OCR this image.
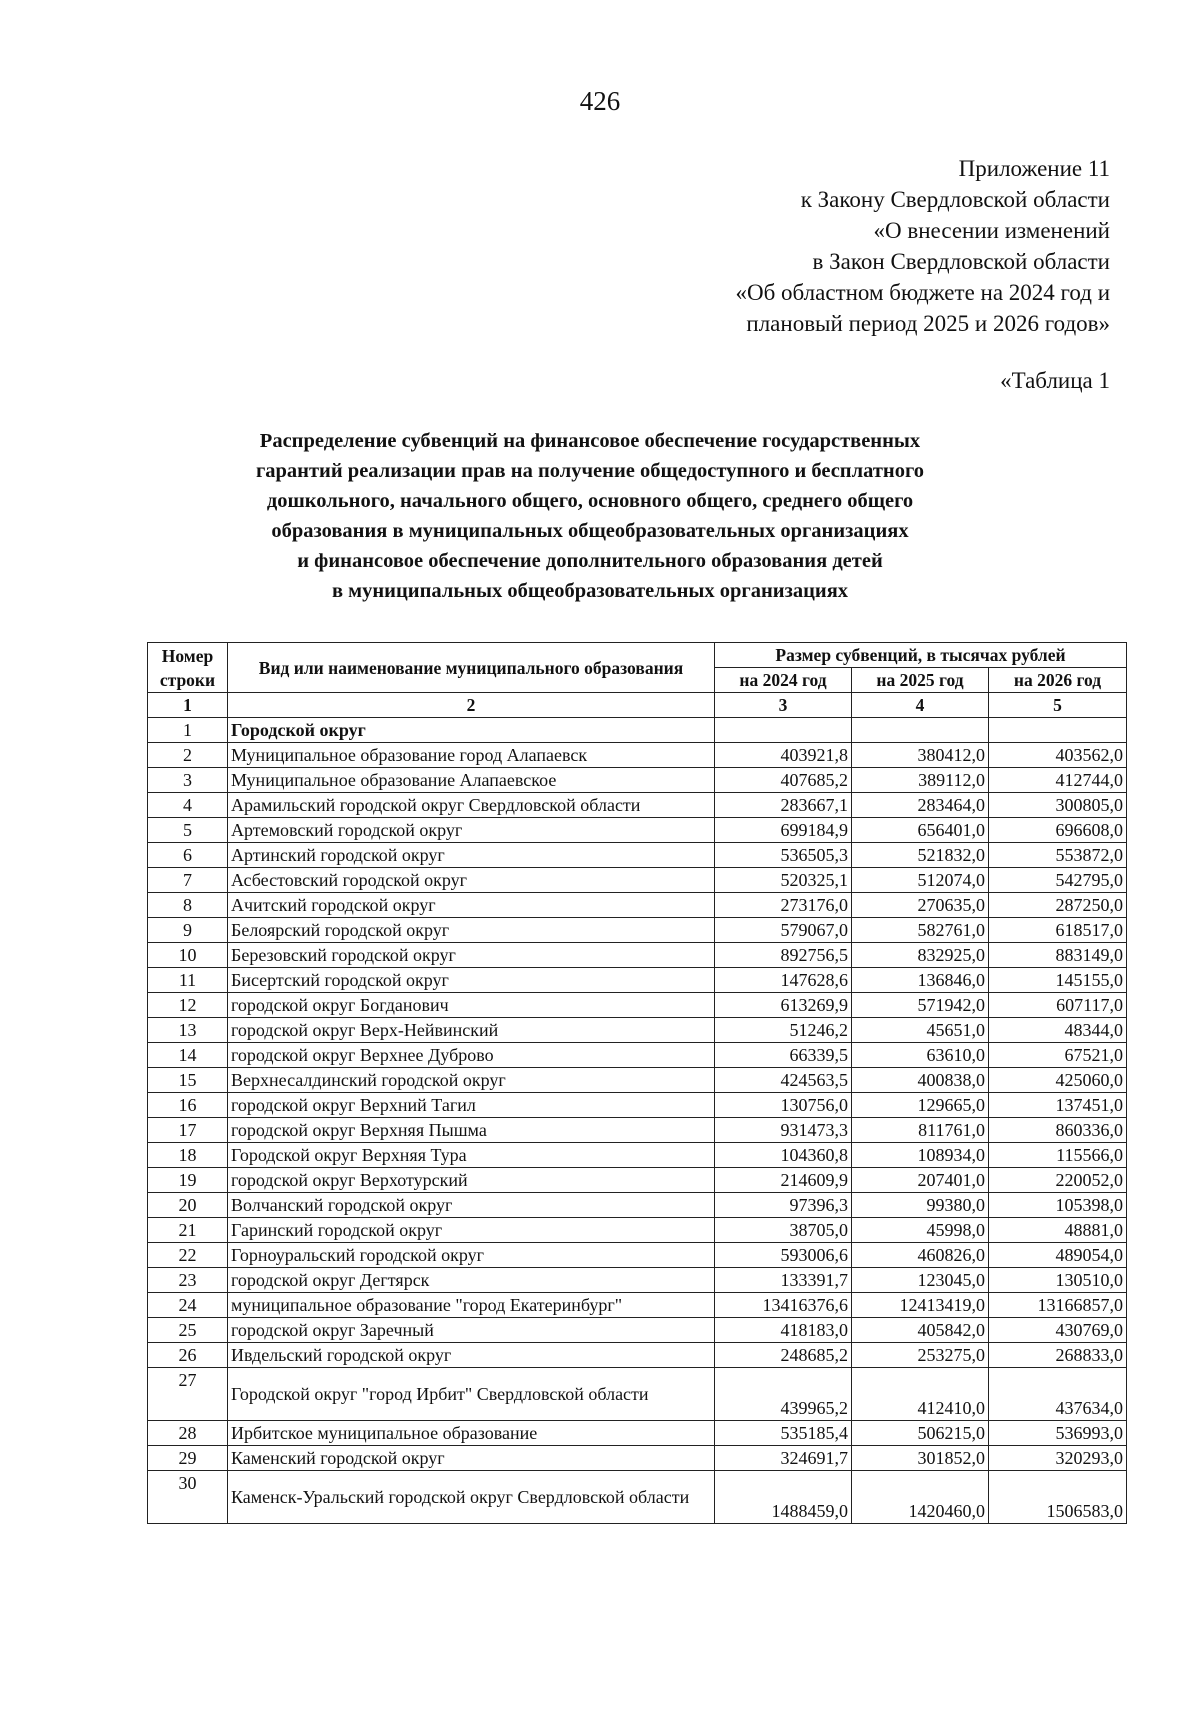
426
Приложение 11
к Закону Свердловской области
«О внесении изменений
в Закон Свердловской области
«Об областном бюджете на 2024 год и
плановый период 2025 и 2026 годов»
«Таблица 1
Распределение субвенций на финансовое обеспечение государственных
гарантий реализации прав на получение общедоступного и бесплатного
дошкольного, начального общего, основного общего, среднего общего
образования в муниципальных общеобразовательных организациях
и финансовое обеспечение дополнительного образования детей
в муниципальных общеобразовательных организациях
Номер строки	Вид или наименование муниципального образования	Размер субвенций, в тысячах рублей		
		на 2024 год	на 2025 год	на 2026 год
1	2	3	4	5
1	Городской округ			
2	Муниципальное образование город Алапаевск	403921,8	380412,0	403562,0
3	Муниципальное образование Алапаевское	407685,2	389112,0	412744,0
4	Арамильский городской округ Свердловской области	283667,1	283464,0	300805,0
5	Артемовский городской округ	699184,9	656401,0	696608,0
6	Артинский городской округ	536505,3	521832,0	553872,0
7	Асбестовский городской округ	520325,1	512074,0	542795,0
8	Ачитский городской округ	273176,0	270635,0	287250,0
9	Белоярский городской округ	579067,0	582761,0	618517,0
10	Березовский городской округ	892756,5	832925,0	883149,0
11	Бисертский городской округ	147628,6	136846,0	145155,0
12	городской округ Богданович	613269,9	571942,0	607117,0
13	городской округ Верх-Нейвинский	51246,2	45651,0	48344,0
14	городской округ Верхнее Дуброво	66339,5	63610,0	67521,0
15	Верхнесалдинский городской округ	424563,5	400838,0	425060,0
16	городской округ Верхний Тагил	130756,0	129665,0	137451,0
17	городской округ Верхняя Пышма	931473,3	811761,0	860336,0
18	Городской округ Верхняя Тура	104360,8	108934,0	115566,0
19	городской округ Верхотурский	214609,9	207401,0	220052,0
20	Волчанский городской округ	97396,3	99380,0	105398,0
21	Гаринский городской округ	38705,0	45998,0	48881,0
22	Горноуральский городской округ	593006,6	460826,0	489054,0
23	городской округ Дегтярск	133391,7	123045,0	130510,0
24	муниципальное образование "город Екатеринбург"	13416376,6	12413419,0	13166857,0
25	городской округ Заречный	418183,0	405842,0	430769,0
26	Ивдельский городской округ	248685,2	253275,0	268833,0
27	Городской округ "город Ирбит" Свердловской области	439965,2	412410,0	437634,0
28	Ирбитское муниципальное образование	535185,4	506215,0	536993,0
29	Каменский городской округ	324691,7	301852,0	320293,0
30	Каменск-Уральский городской округ Свердловской области	1488459,0	1420460,0	1506583,0
